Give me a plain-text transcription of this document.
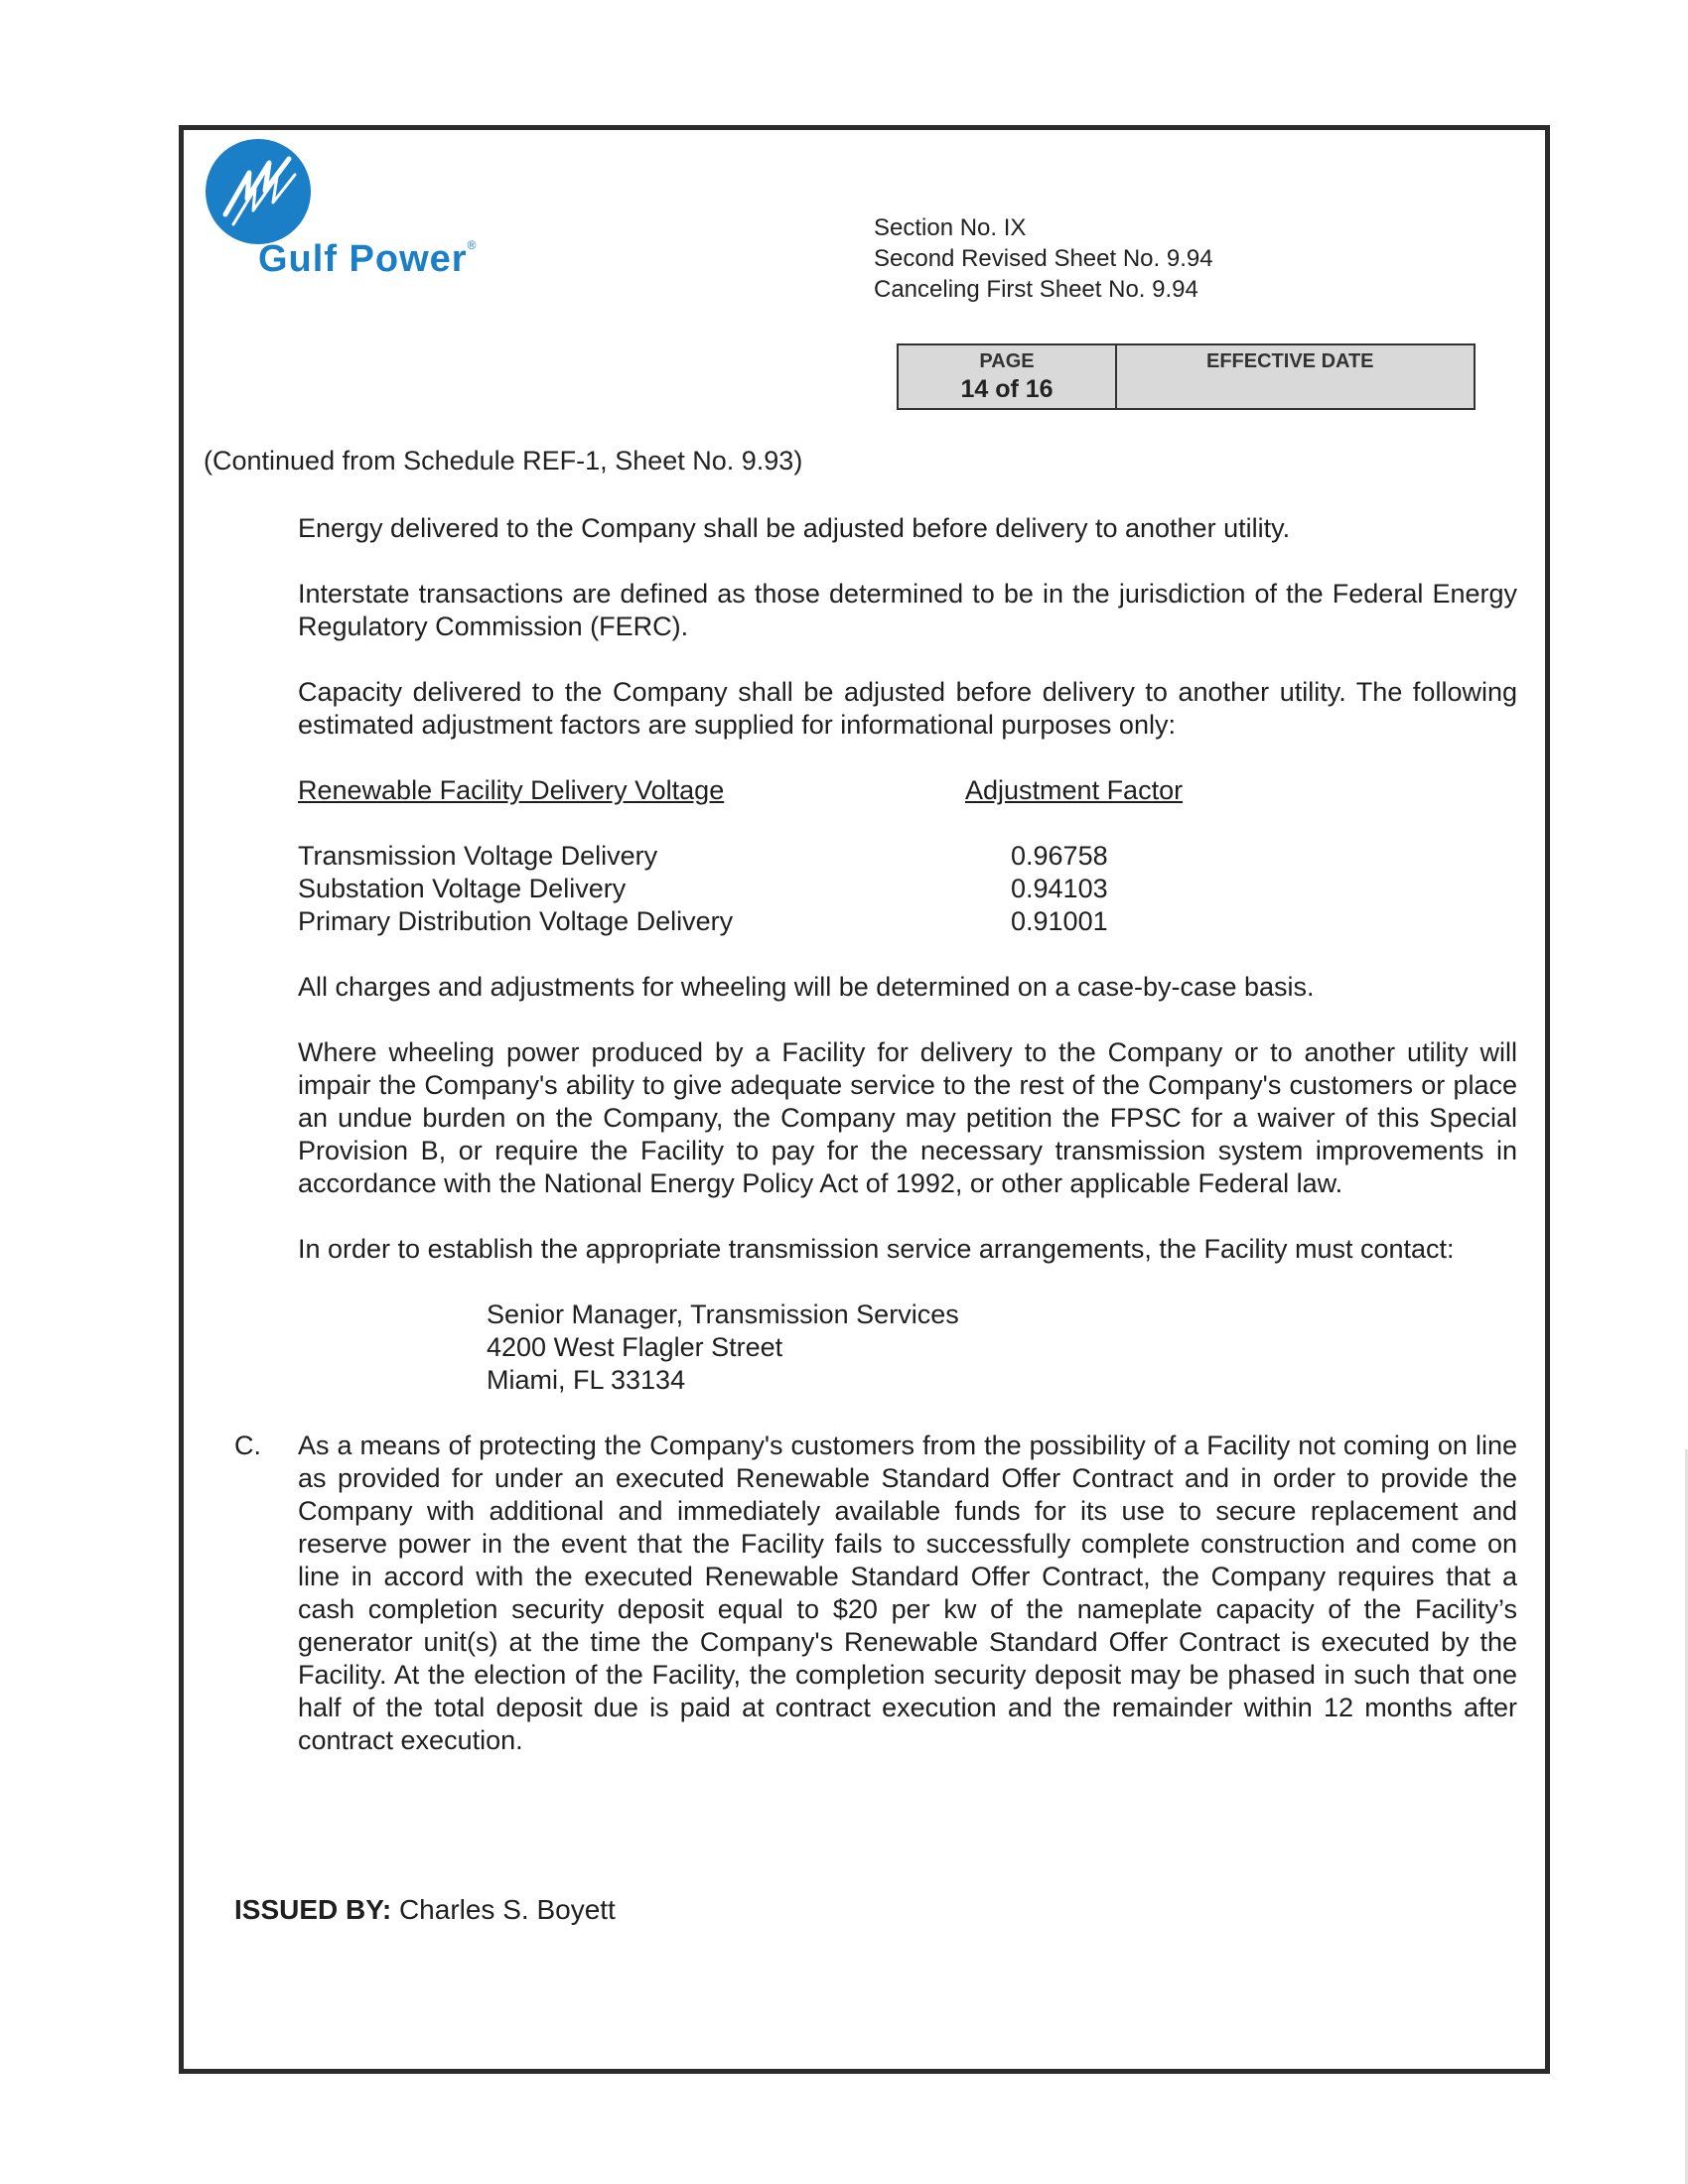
Gulf Power®
Section No. IX
Second Revised Sheet No. 9.94
Canceling First Sheet No. 9.94
PAGE
14 of 16
EFFECTIVE DATE
(Continued from Schedule REF-1, Sheet No. 9.93)

Energy delivered to the Company shall be adjusted before delivery to another utility.

Interstate transactions are defined as those determined to be in the jurisdiction of the Federal Energy Regulatory Commission (FERC).

Capacity delivered to the Company shall be adjusted before delivery to another utility. The following estimated adjustment factors are supplied for informational purposes only:

Renewable Facility Delivery Voltage	Adjustment Factor
Transmission Voltage Delivery	0.96758
Substation Voltage Delivery	0.94103
Primary Distribution Voltage Delivery	0.91001

All charges and adjustments for wheeling will be determined on a case-by-case basis.

Where wheeling power produced by a Facility for delivery to the Company or to another utility will impair the Company's ability to give adequate service to the rest of the Company's customers or place an undue burden on the Company, the Company may petition the FPSC for a waiver of this Special Provision B, or require the Facility to pay for the necessary transmission system improvements in accordance with the National Energy Policy Act of 1992, or other applicable Federal law.

In order to establish the appropriate transmission service arrangements, the Facility must contact:

Senior Manager, Transmission Services
4200 West Flagler Street
Miami, FL 33134
C. As a means of protecting the Company's customers from the possibility of a Facility not coming on line as provided for under an executed Renewable Standard Offer Contract and in order to provide the Company with additional and immediately available funds for its use to secure replacement and reserve power in the event that the Facility fails to successfully complete construction and come on line in accord with the executed Renewable Standard Offer Contract, the Company requires that a cash completion security deposit equal to $20 per kw of the nameplate capacity of the Facility’s generator unit(s) at the time the Company's Renewable Standard Offer Contract is executed by the Facility. At the election of the Facility, the completion security deposit may be phased in such that one half of the total deposit due is paid at contract execution and the remainder within 12 months after contract execution.
ISSUED BY: Charles S. Boyett
